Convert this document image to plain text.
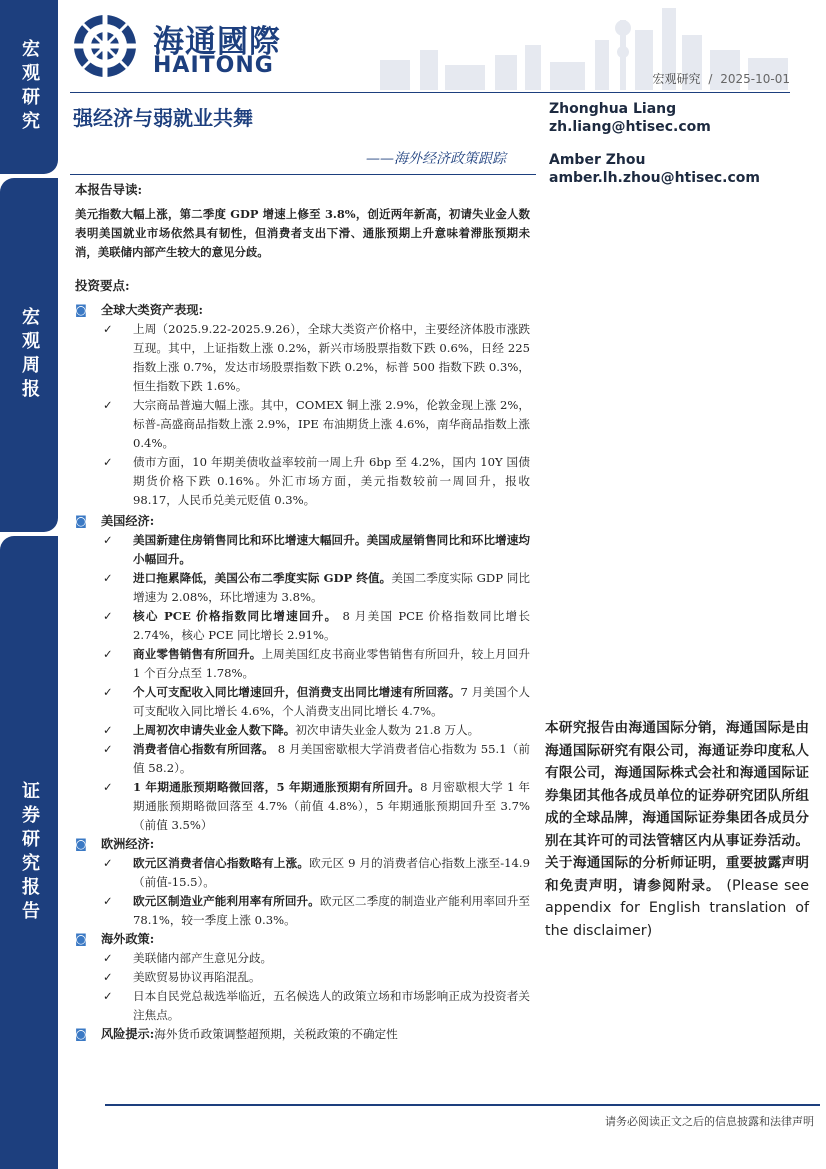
宏观研究
宏观周报
证券研究报告
海通國際
HAITONG
宏观研究 / 2025-10-01
强经济与弱就业共舞
——海外经济政策跟踪
Zhonghua Liang
zh.liang@htisec.com
Amber Zhou
amber.lh.zhou@htisec.com
本报告导读:
美元指数大幅上涨，第二季度 GDP 增速上修至 3.8%，创近两年新高，初请失业金人数表明美国就业市场依然具有韧性，但消费者支出下滑、通胀预期上升意味着滞胀预期未消，美联储内部产生较大的意见分歧。
投资要点:
◙	全球大类资产表现:
✓	上周（2025.9.22-2025.9.26），全球大类资产价格中，主要经济体股市涨跌互现。其中，上证指数上涨 0.2%，新兴市场股票指数下跌 0.6%，日经 225 指数上涨 0.7%，发达市场股票指数下跌 0.2%，标普 500 指数下跌 0.3%，恒生指数下跌 1.6%。
✓	大宗商品普遍大幅上涨。其中，COMEX 铜上涨 2.9%，伦敦金现上涨 2%，标普-高盛商品指数上涨 2.9%，IPE 布油期货上涨 4.6%，南华商品指数上涨 0.4%。
✓	债市方面，10 年期美债收益率较前一周上升 6bp 至 4.2%，国内 10Y 国债期货价格下跌 0.16%。外汇市场方面，美元指数较前一周回升，报收 98.17，人民币兑美元贬值 0.3%。
◙	美国经济:
✓	美国新建住房销售同比和环比增速大幅回升。美国成屋销售同比和环比增速均小幅回升。
✓	进口拖累降低，美国公布二季度实际 GDP 终值。美国二季度实际 GDP 同比增速为 2.08%，环比增速为 3.8%。
✓	核心 PCE 价格指数同比增速回升。 8 月美国 PCE 价格指数同比增长 2.74%，核心 PCE 同比增长 2.91%。
✓	商业零售销售有所回升。上周美国红皮书商业零售销售有所回升，较上月回升 1 个百分点至 1.78%。
✓	个人可支配收入同比增速回升，但消费支出同比增速有所回落。7 月美国个人可支配收入同比增长 4.6%，个人消费支出同比增长 4.7%。
✓	上周初次申请失业金人数下降。初次申请失业金人数为 21.8 万人。
✓	消费者信心指数有所回落。 8 月美国密歇根大学消费者信心指数为 55.1（前值 58.2）。
✓	1 年期通胀预期略微回落，5 年期通胀预期有所回升。8 月密歇根大学 1 年期通胀预期略微回落至 4.7%（前值 4.8%），5 年期通胀预期回升至 3.7%（前值 3.5%）
◙	欧洲经济:
✓	欧元区消费者信心指数略有上涨。欧元区 9 月的消费者信心指数上涨至-14.9（前值-15.5）。
✓	欧元区制造业产能利用率有所回升。欧元区二季度的制造业产能利用率回升至 78.1%，较一季度上涨 0.3%。
◙	海外政策:
✓	美联储内部产生意见分歧。
✓	美欧贸易协议再陷混乱。
✓	日本自民党总裁选举临近，五名候选人的政策立场和市场影响正成为投资者关注焦点。
◙	风险提示: 海外货币政策调整超预期，关税政策的不确定性
本研究报告由海通国际分销，海通国际是由海通国际研究有限公司，海通证券印度私人有限公司，海通国际株式会社和海通国际证券集团其他各成员单位的证券研究团队所组成的全球品牌，海通国际证券集团各成员分别在其许可的司法管辖区内从事证券活动。关于海通国际的分析师证明，重要披露声明和免责声明，请参阅附录。 (Please see appendix for English translation of the disclaimer)
请务必阅读正文之后的信息披露和法律声明
